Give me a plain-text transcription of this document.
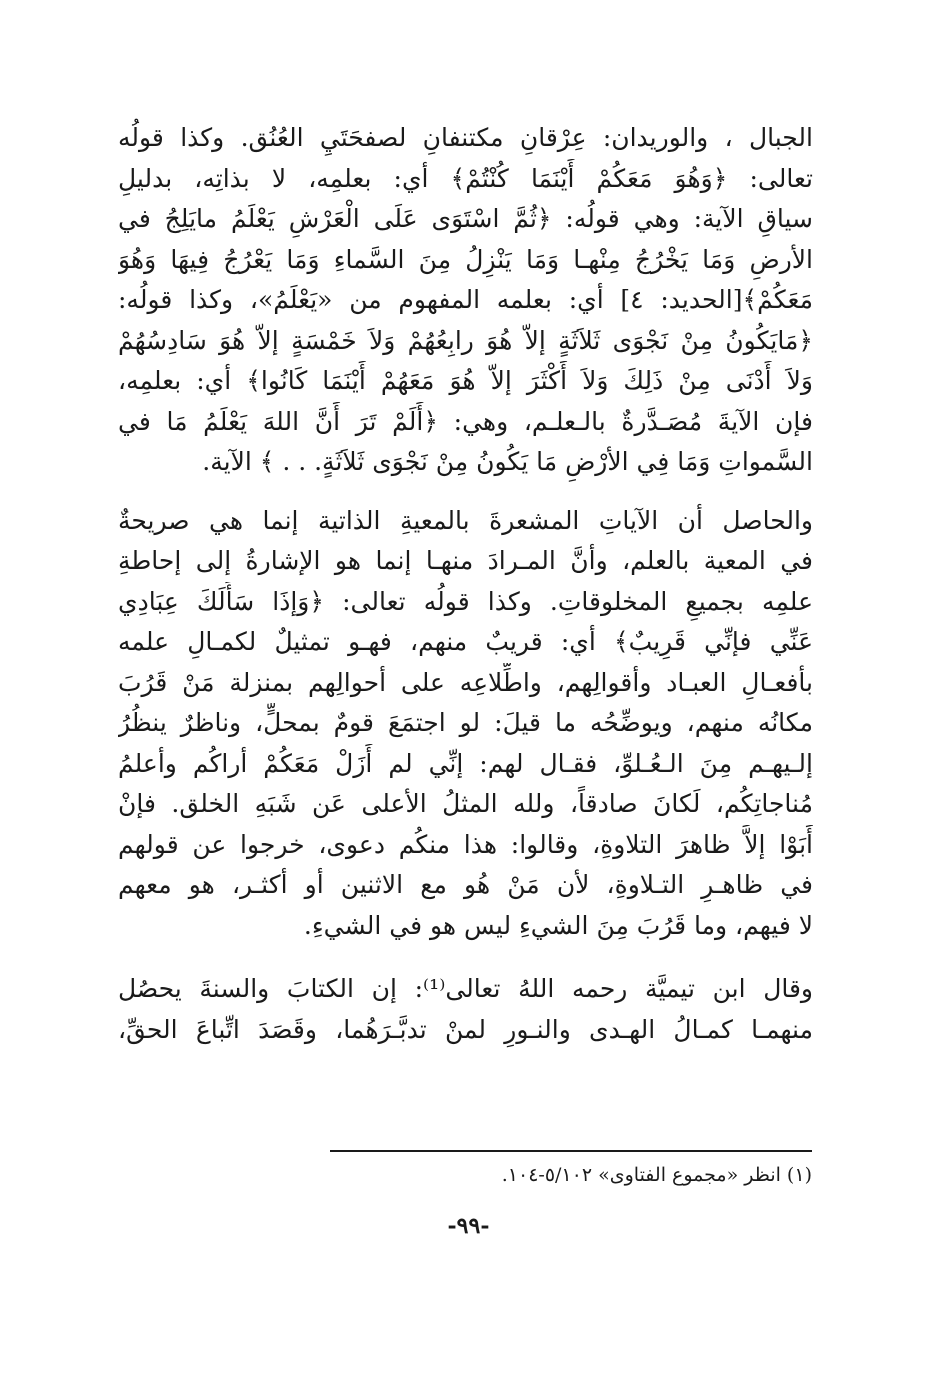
الجبال ، والوريدان: عِرْقانِ مكتنفانِ لصفحَتَيِ العُنُق. وكذا قولُه
تعالى: ﴿وَهُوَ مَعَكُمْ أَيْنَمَا كُنْتُمْ﴾ أي: بعلمِه، لا بذاتِه، بدليلِ
سياقِ الآية: وهي قولُه: ﴿ثُمَّ اسْتَوَى عَلَى الْعَرْشِ يَعْلَمُ مايَلِجُ في
الأرضِ وَمَا يَخْرُجُ مِنْهـا وَمَا يَنْزِلُ مِنَ السَّماءِ وَمَا يَعْرُجُ فِيهَا وَهُوَ
مَعَكُمْ﴾[الحديد: ٤] أي: بعلمه المفهوم من «يَعْلَمُ»، وكذا قولُه:
﴿مَايَكُونُ مِنْ نَجْوَى ثَلاَثَةٍ إلاّ هُوَ رابِعُهُمْ وَلاَ خَمْسَةٍ إلاّ هُوَ سَادِسُهُمْ
وَلاَ أَدْنَى مِنْ ذَلِكَ وَلاَ أَكْثَرَ إلاّ هُوَ مَعَهُمْ أَيْنَمَا كَانُوا﴾ أي: بعلمِه،
فإن الآيةَ مُصَـدَّرةٌ بالـعلـم، وهي: ﴿أَلَمْ تَرَ أَنَّ اللهَ يَعْلَمُ مَا في
السَّمواتِ وَمَا فِي الأرْضِ مَا يَكُونُ مِنْ نَجْوَى ثَلاَثَةٍ. . . ﴾ الآية.
والحاصل أن الآياتِ المشعرةَ بالمعيةِ الذاتية إنما هي صريحةٌ
في المعية بالعلم، وأنَّ المـرادَ منهـا إنما هو الإشارةُ إلى إحاطةِ
علمِه بجميعِ المخلوقاتِ. وكذا قولُه تعالى: ﴿وَإذَا سَأَلَكَ عِبَادِي
عَنِّي فإنِّي قَرِيبٌ﴾ أي: قريبٌ منهم، فهـو تمثيلٌ لكمـالِ علمه
بأفعـالِ العبـاد وأقوالِهم، واطِّلاعِه على أحوالِهم بمنزلة مَنْ قَرُبَ
مكانُه منهم، ويوضِّحُه ما قيلَ: لو اجتمَعَ قومٌ بمحلٍّ، وناظرٌ ينظُرُ
إلـيهـم مِنَ الـعُـلوِّ، فقـال لهم: إنِّي لم أَزَلْ مَعَكُمْ أراكُم وأعلمُ
مُناجاتِكُم، لَكانَ صادقاً، ولله المثلُ الأعلى عَن شَبَهِ الخلق. فإنْ
أَبَوْا إلاَّ ظاهرَ التلاوةِ، وقالوا: هذا منكُم دعوى، خرجوا عن قولهم
في ظاهـرِ التـلاوةِ، لأن مَنْ هُو مع الاثنين أو أكثـر، هو معهم
لا فيهم، وما قَرُبَ مِنَ الشيءِ ليس هو في الشيءِ.
وقال ابن تيميَّة رحمه اللهُ تعالى⁽¹⁾: إن الكتابَ والسنةَ يحصُل
منهمـا كمـالُ الهـدى والنـورِ لمنْ تدبَّـرَهُما، وقَصَدَ اتِّباعَ الحقِّ،
(١) انظر «مجموع الفتاوى» ٥/١٠٢-١٠٤.
-٩٩-
